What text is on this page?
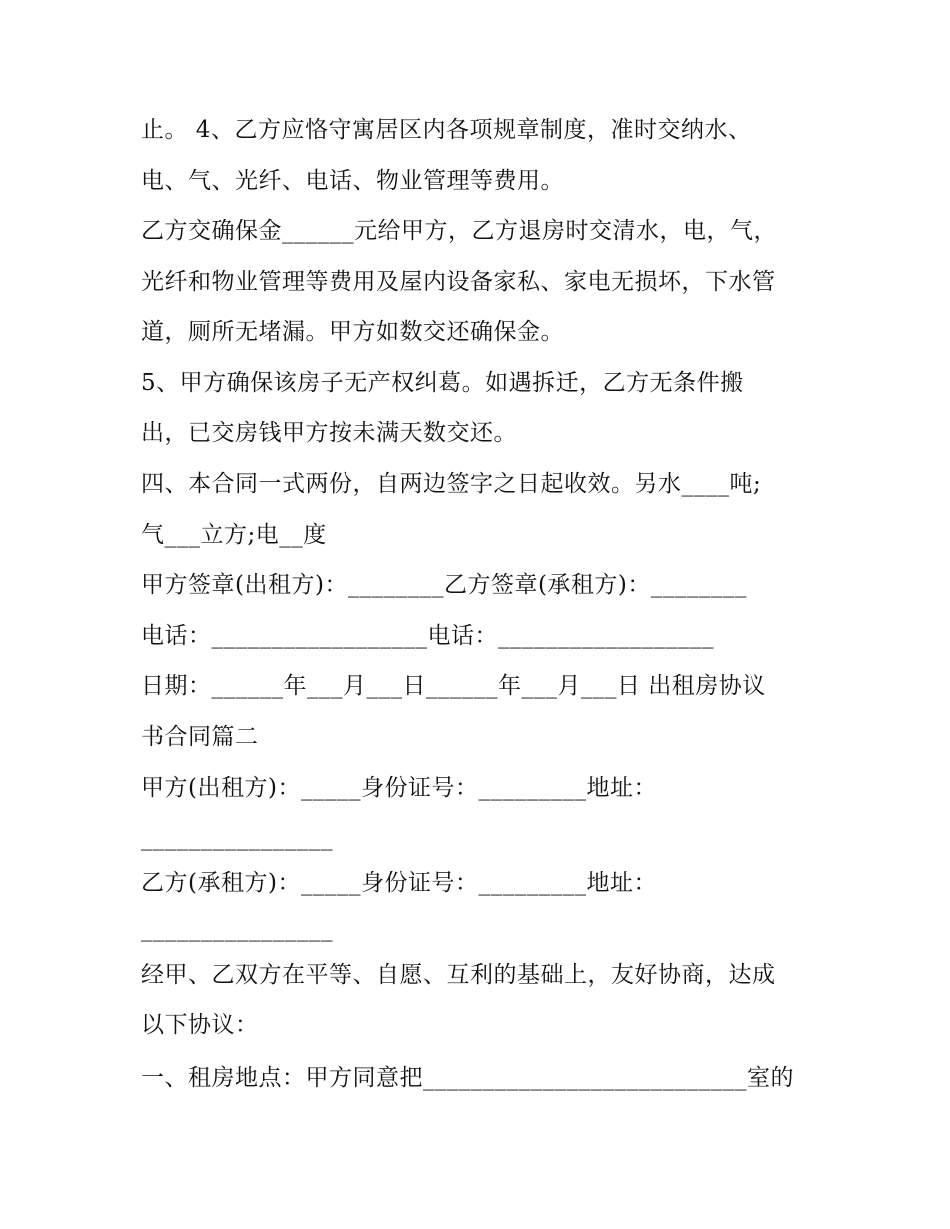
止。 4、乙方应恪守寓居区内各项规章制度，准时交纳水、

电、气、光纤、电话、物业管理等费用。

乙方交确保金______元给甲方，乙方退房时交清水，电，气，

光纤和物业管理等费用及屋内设备家私、家电无损坏，下水管

道，厕所无堵漏。甲方如数交还确保金。

5、甲方确保该房子无产权纠葛。如遇拆迁，乙方无条件搬

出，已交房钱甲方按未满天数交还。

四、本合同一式两份，自两边签字之日起收效。另水____吨;

气___立方;电__度

甲方签章(出租方)：________乙方签章(承租方)：________

电话：__________________电话：__________________

日期：______年___月___日______年___月___日 出租房协议

书合同篇二

甲方(出租方)：_____身份证号：_________地址：

________________

乙方(承租方)：_____身份证号：_________地址：

________________

经甲、乙双方在平等、自愿、互利的基础上，友好协商，达成

以下协议：

一、租房地点：甲方同意把___________________________室的
